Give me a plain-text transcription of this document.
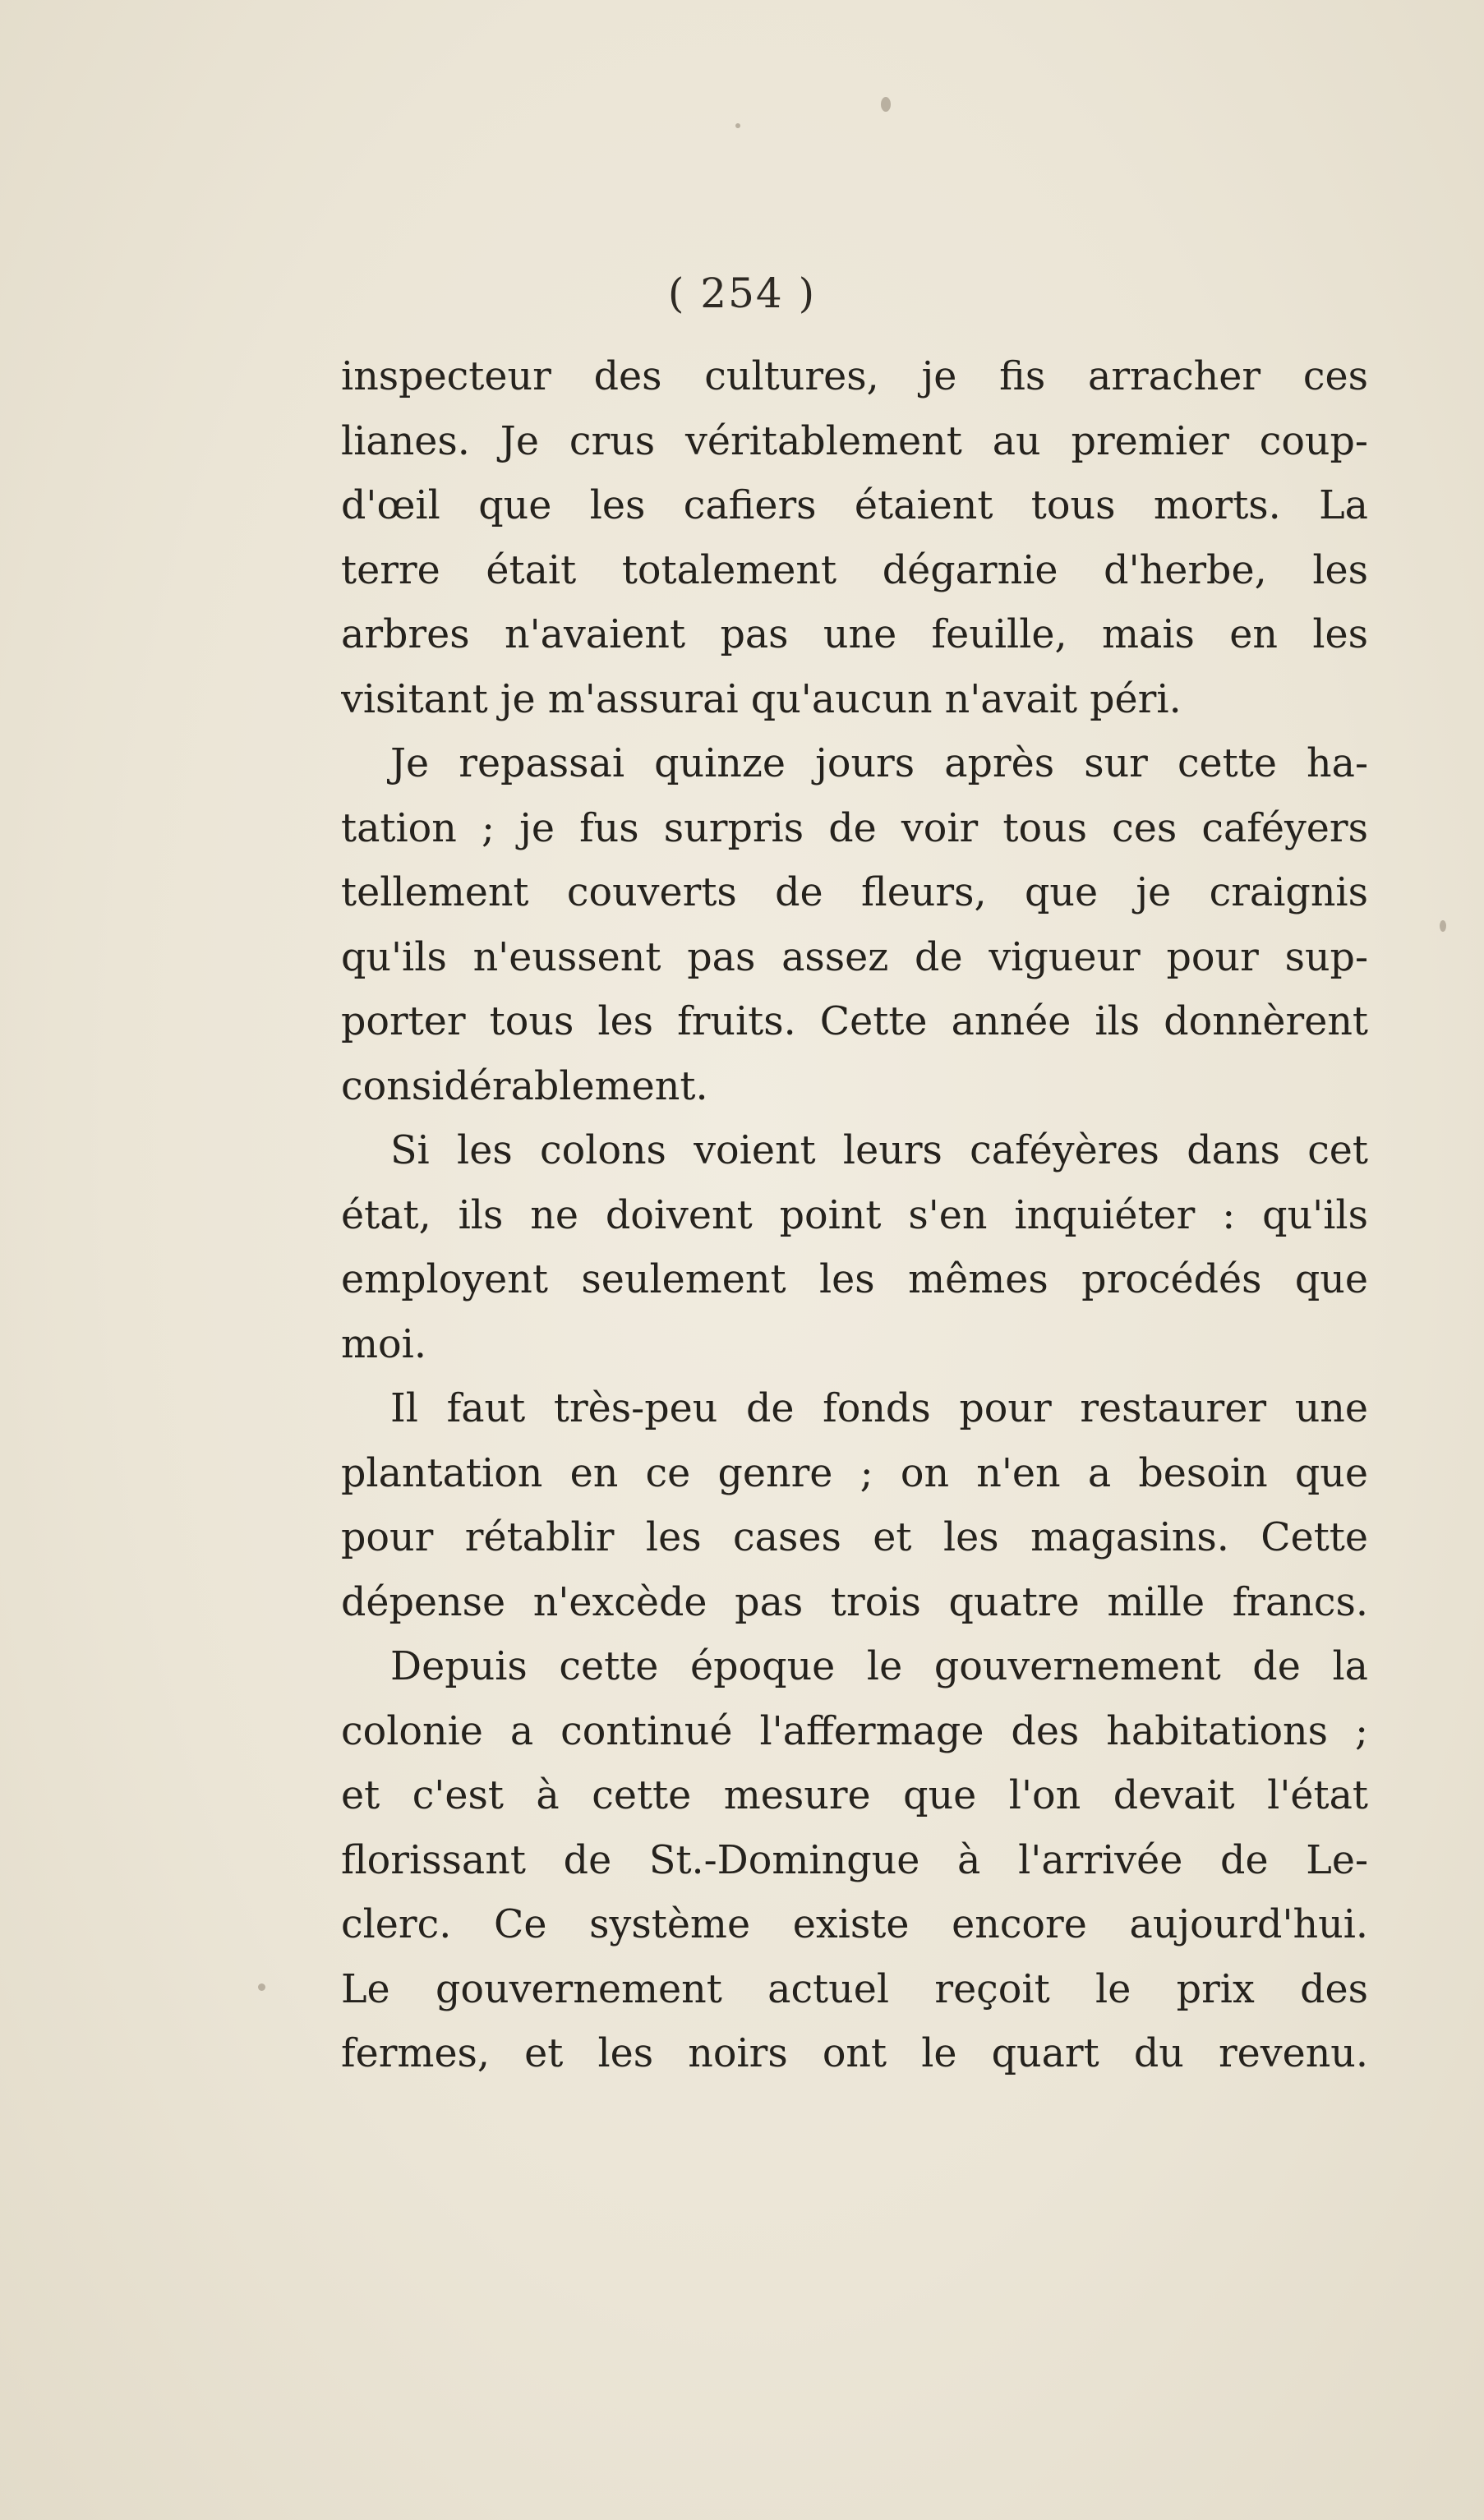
( 254 )
inspecteur des cultures, je fis arracher ces
lianes. Je crus véritablement au premier coup-
d'œil que les cafiers étaient tous morts. La
terre était totalement dégarnie d'herbe, les
arbres n'avaient pas une feuille, mais en les
visitant je m'assurai qu'aucun n'avait péri.
Je repassai quinze jours après sur cette ha-
tation ; je fus surpris de voir tous ces caféyers
tellement couverts de fleurs, que je craignis
qu'ils n'eussent pas assez de vigueur pour sup-
porter tous les fruits. Cette année ils donnèrent
considérablement.
Si les colons voient leurs caféyères dans cet
état, ils ne doivent point s'en inquiéter : qu'ils
employent seulement les mêmes procédés que
moi.
Il faut très-peu de fonds pour restaurer une
plantation en ce genre ; on n'en a besoin que
pour rétablir les cases et les magasins. Cette
dépense n'excède pas trois quatre mille francs.
Depuis cette époque le gouvernement de la
colonie a continué l'affermage des habitations ;
et c'est à cette mesure que l'on devait l'état
florissant de St.-Domingue à l'arrivée de Le-
clerc. Ce système existe encore aujourd'hui.
Le gouvernement actuel reçoit le prix des
fermes, et les noirs ont le quart du revenu.
